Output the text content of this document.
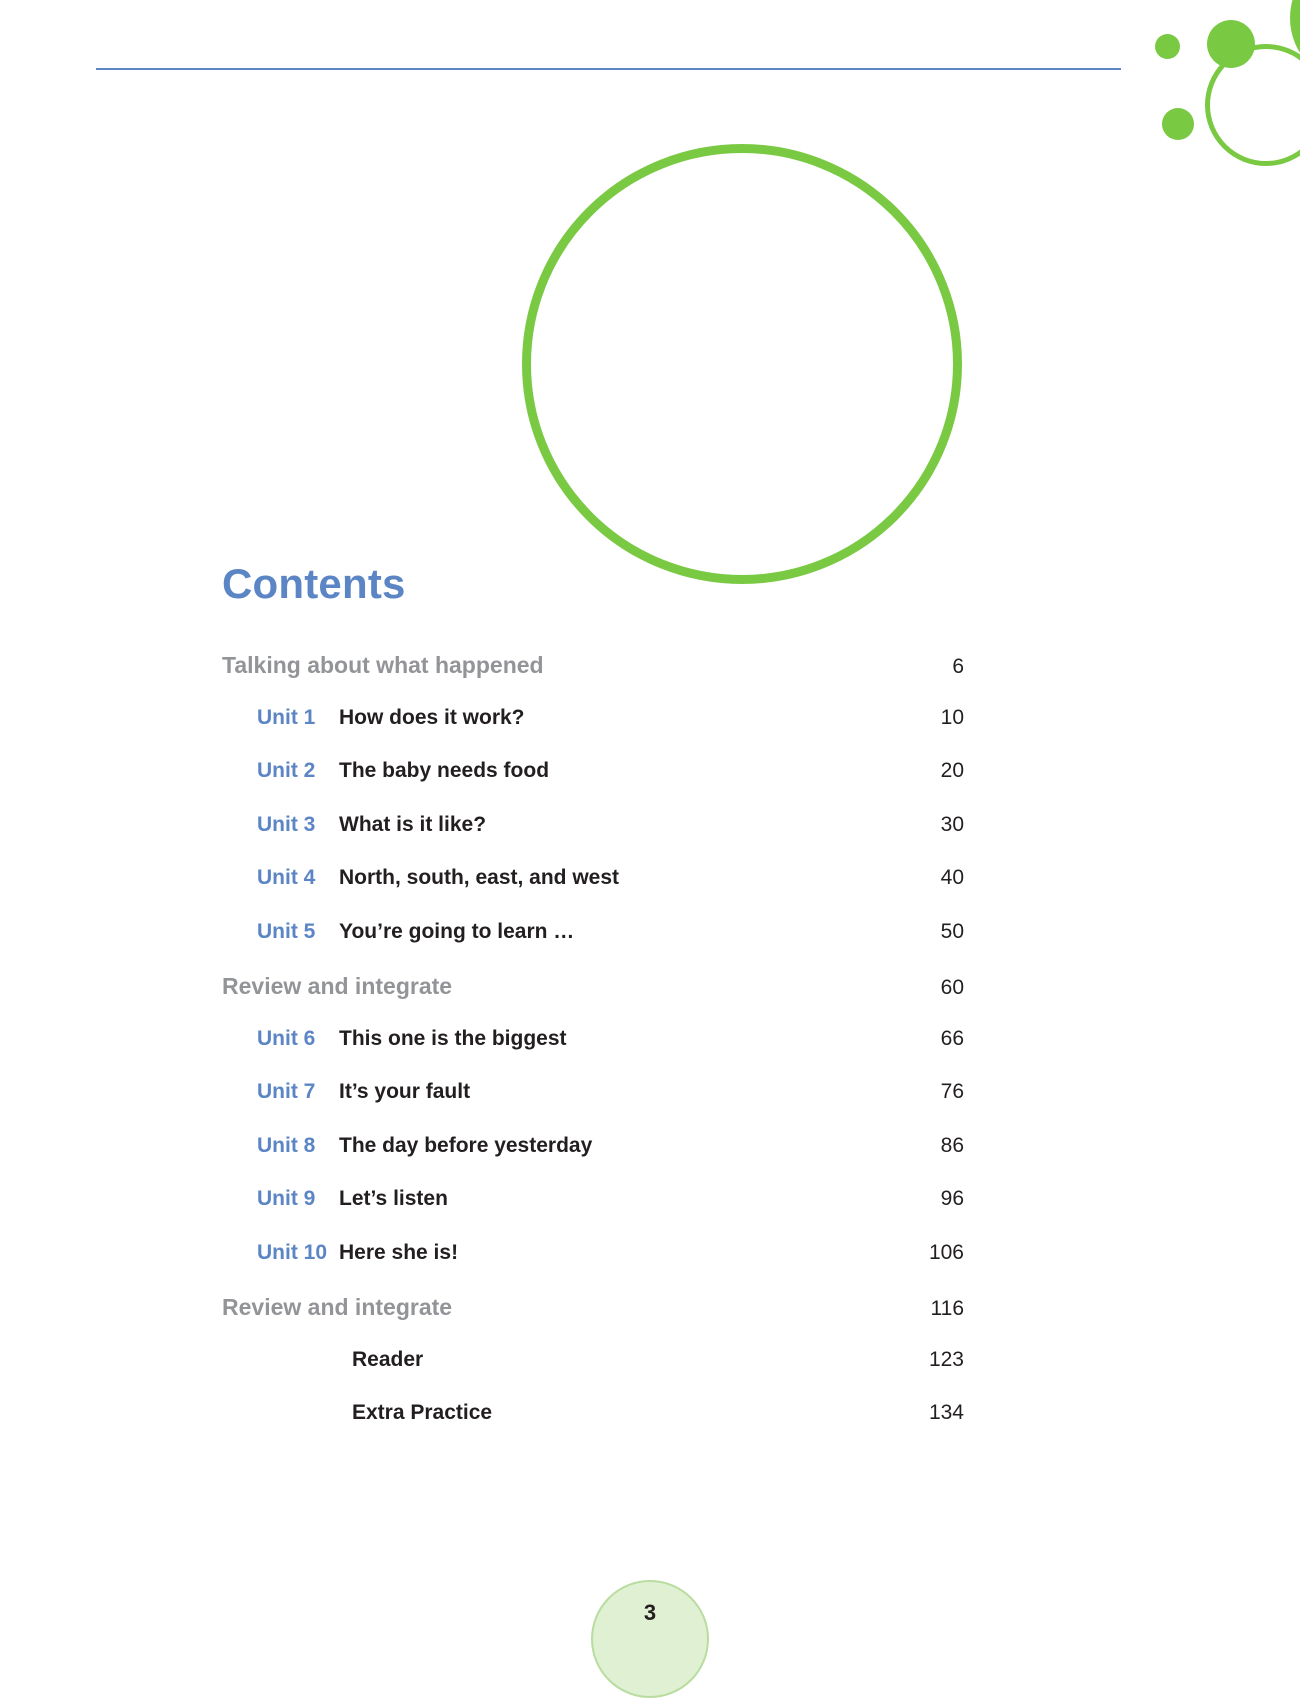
Contents
Talking about what happened	6
Unit 1 How does it work?	10
Unit 2 The baby needs food	20
Unit 3 What is it like?	30
Unit 4 North, south, east, and west	40
Unit 5 You’re going to learn …	50
Review and integrate	60
Unit 6 This one is the biggest	66
Unit 7 It’s your fault	76
Unit 8 The day before yesterday	86
Unit 9 Let’s listen	96
Unit 10 Here she is!	106
Review and integrate	116
Reader	123
Extra Practice	134
3
